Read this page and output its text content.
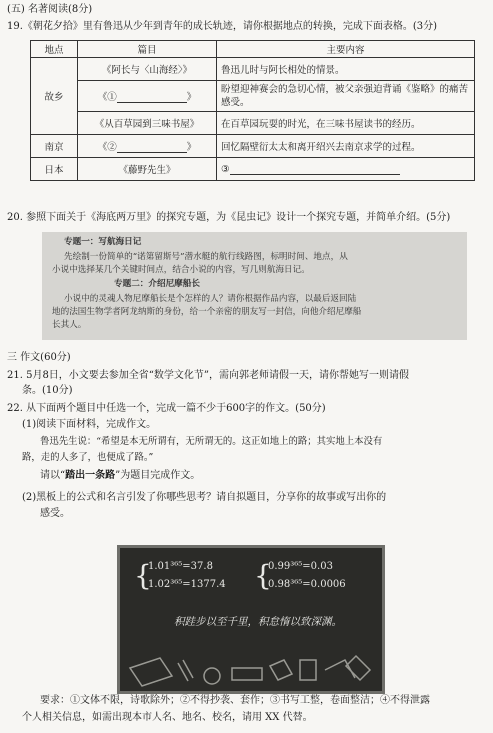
(五) 名著阅读(8分)
19.《朝花夕拾》里有鲁迅从少年到青年的成长轨迹，请你根据地点的转换，完成下面表格。(3分)
地点	篇目	主要内容
故乡	《阿长与〈山海经〉》	鲁迅儿时与阿长相处的情景。
	《① 》	盼望迎神赛会的急切心情，被父亲强迫背诵《鉴略》的痛苦感受。
	《从百草园到三味书屋》	在百草园玩耍的时光，在三味书屋读书的经历。
南京	《② 》	回忆隔壁衍太太和离开绍兴去南京求学的过程。
日本	《藤野先生》	③
20. 参照下面关于《海底两万里》的探究专题，为《昆虫记》设计一个探究专题，并简单介绍。(5分)
专题一：写航海日记
先绘制一份简单的“诺第留斯号”潜水艇的航行线路图，标明时间、地点，从
小说中选择某几个关键时间点，结合小说的内容，写几则航海日记。
专题二：介绍尼摩船长
小说中的灵魂人物尼摩船长是个怎样的人？请你根据作品内容，以最后返回陆
地的法国生物学者阿龙纳斯的身份，给一个亲密的朋友写一封信，向他介绍尼摩船
长其人。
三 作文(60分)
21. 5月8日，小文要去参加全省“数学文化节”，需向郭老师请假一天，请你帮她写一则请假
条。(10分)
22. 从下面两个题目中任选一个，完成一篇不少于600字的作文。(50分)
(1)阅读下面材料，完成作文。
鲁迅先生说：“希望是本无所谓有，无所谓无的。这正如地上的路；其实地上本没有
路，走的人多了，也便成了路。”
请以“踏出一条路”为题目完成作文。
(2)黑板上的公式和名言引发了你哪些思考？请自拟题目，分享你的故事或写出你的
感受。
{
1.01³⁶⁵=37.8
1.02³⁶⁵=1377.4 {
0.99³⁶⁵=0.03
0.98³⁶⁵=0.0006
积跬步以至千里，积怠惰以致深渊。
要求：①文体不限，诗歌除外；②不得抄袭、套作；③书写工整，卷面整洁；④不得泄露
个人相关信息，如需出现本市人名、地名、校名，请用 XX 代替。
